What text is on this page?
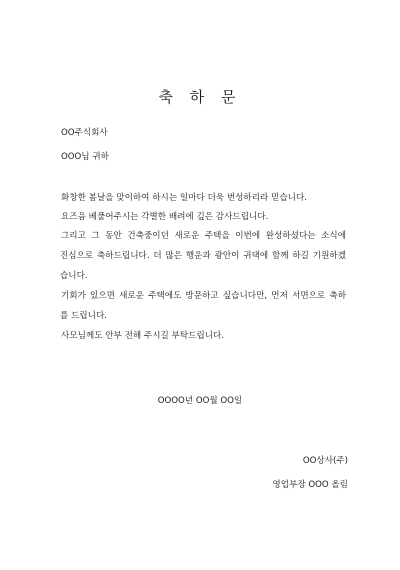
축 하 문
OO주식회사
OOO님 귀하
화창한 봄날을 맞이하여 하시는 일마다 더욱 번성하리라 믿습니다.
요즈음 베풀어주시는 각별한 배려에 깊은 감사드립니다.
그리고 그 동안 건축중이던 새로운 주택을 이번에 완성하셨다는 소식에
진심으로 축하드립니다. 더 많은 행운과 광안이 귀댁에 함께 하길 기원하겠
습니다.
기회가 있으면 새로운 주택에도 방문하고 싶습니다만, 먼저 서면으로 축하
를 드립니다.
사모님께도 안부 전해 주시길 부탁드립니다.
OOOO년 OO월 OO일
OO상사(주)
영업부장 OOO 올림
